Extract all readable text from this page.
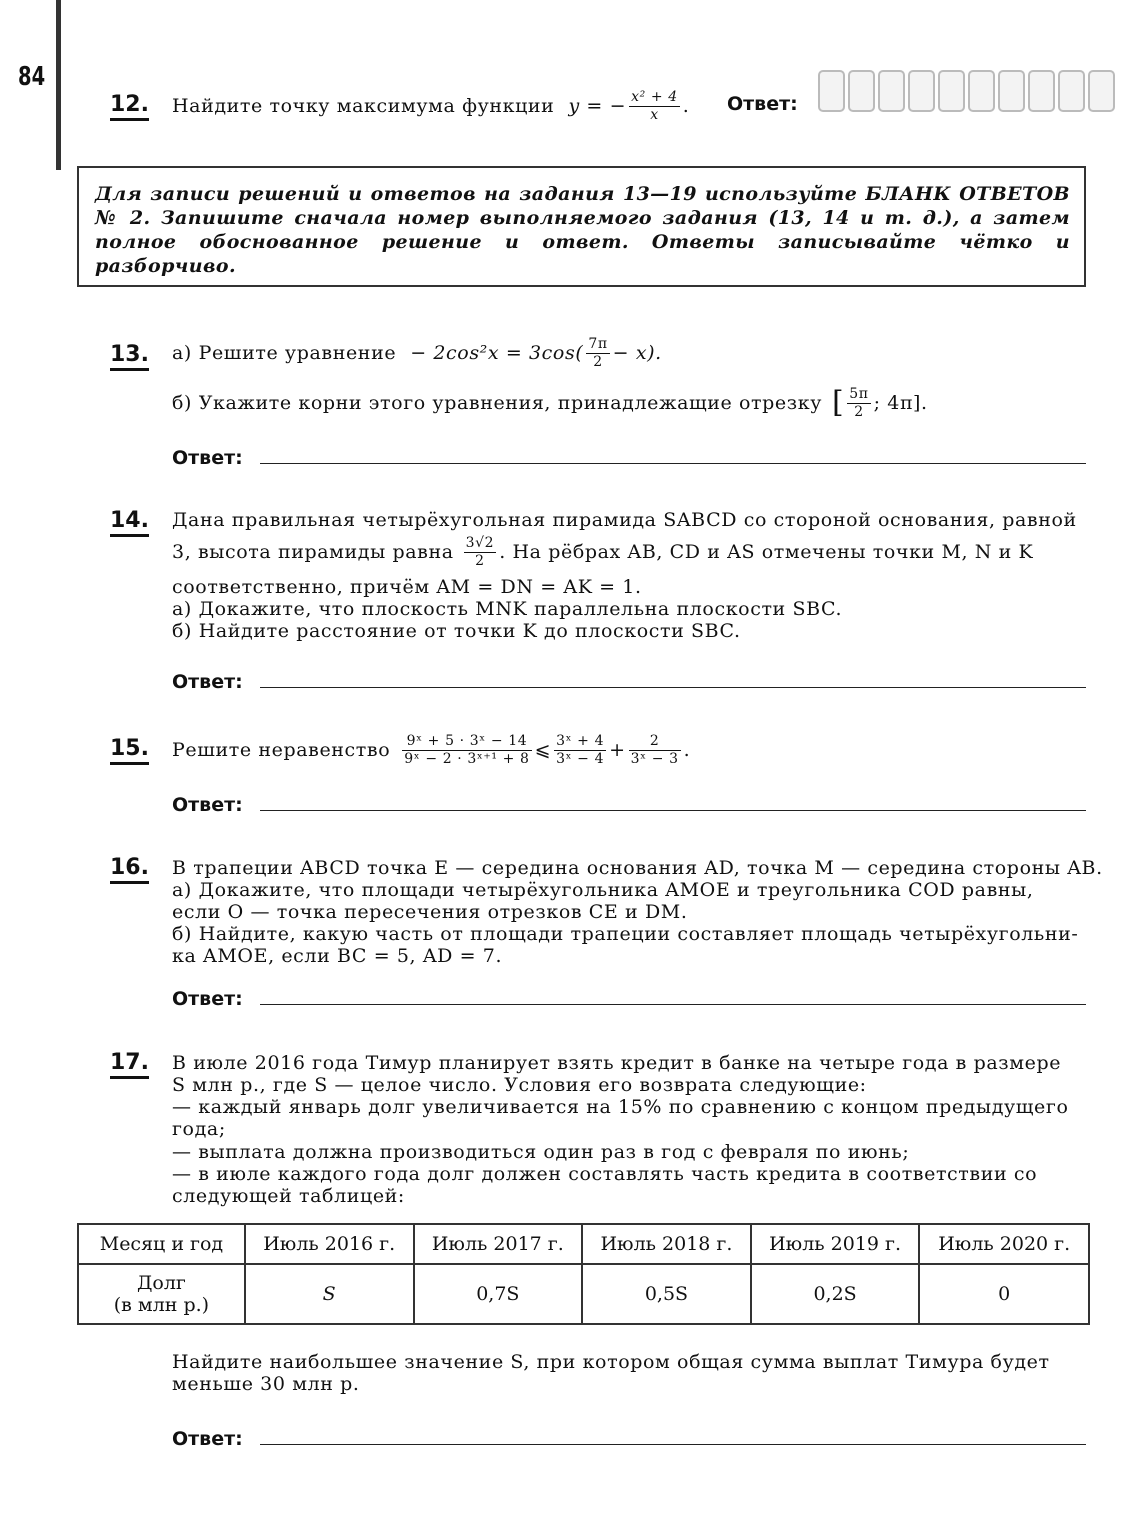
84
12. Найдите точку максимума функции y = − $\frac{\text{x² + 4}}{x}$ . Ответ:
Для записи решений и ответов на задания 13—19 используйте БЛАНК ОТВЕТОВ № 2. Запишите сначала номер выполняемого задания (13, 14 и т. д.), а затем полное обоснованное решение и ответ. Ответы записывайте чётко и разборчиво.
13. а) Решите уравнение − $2\cos^2x = 3\cos( \frac{7\pi}{2} - x)$.
б) Укажите корни этого уравнения, принадлежащие отрезку [ $\frac{5\pi}{2}$ ; 4π].
Ответ:
14. Дана правильная четырёхугольная пирамида SABCD со стороной основания, равной
3, высота пирамиды равна $\frac{3√2}{2}$ . На рёбрах AB, CD и AS отмечены точки M, N и K
соответственно, причём AM = DN = AK = 1.
а) Докажите, что плоскость MNK параллельна плоскости SBC.
б) Найдите расстояние от точки K до плоскости SBC.
Ответ:
15. Решите неравенство $\frac{\text{9ˣ + 5 · 3ˣ − 14}}{\text{9ˣ − 2 · 3ˣ⁺¹ + 8}}$ ⩽ $\frac{\text{3ˣ + 4}}{\text{3ˣ − 4}} + \frac{2}{\text{3ˣ − 3}}$ .
Ответ:
16. В трапеции ABCD точка E — середина основания AD, точка M — середина стороны AB.
а) Докажите, что площади четырёхугольника AMOE и треугольника COD равны,
если O — точка пересечения отрезков CE и DM.
б) Найдите, какую часть от площади трапеции составляет площадь четырёхугольни-
ка AMOE, если BC = 5, AD = 7.
Ответ:
17. В июле 2016 года Тимур планирует взять кредит в банке на четыре года в размере
S млн р., где S — целое число. Условия его возврата следующие:
— каждый январь долг увеличивается на 15% по сравнению с концом предыдущего
года;
— выплата должна производиться один раз в год с февраля по июнь;
— в июле каждого года долг должен составлять часть кредита в соответствии со
следующей таблицей:
Месяц и год	Июль 2016 г.	Июль 2017 г.	Июль 2018 г.	Июль 2019 г.	Июль 2020 г.

Долг
(в млн р.)	S	0,7S	0,5S	0,2S	0
Найдите наибольшее значение S, при котором общая сумма выплат Тимура будет
меньше 30 млн р.
Ответ:
